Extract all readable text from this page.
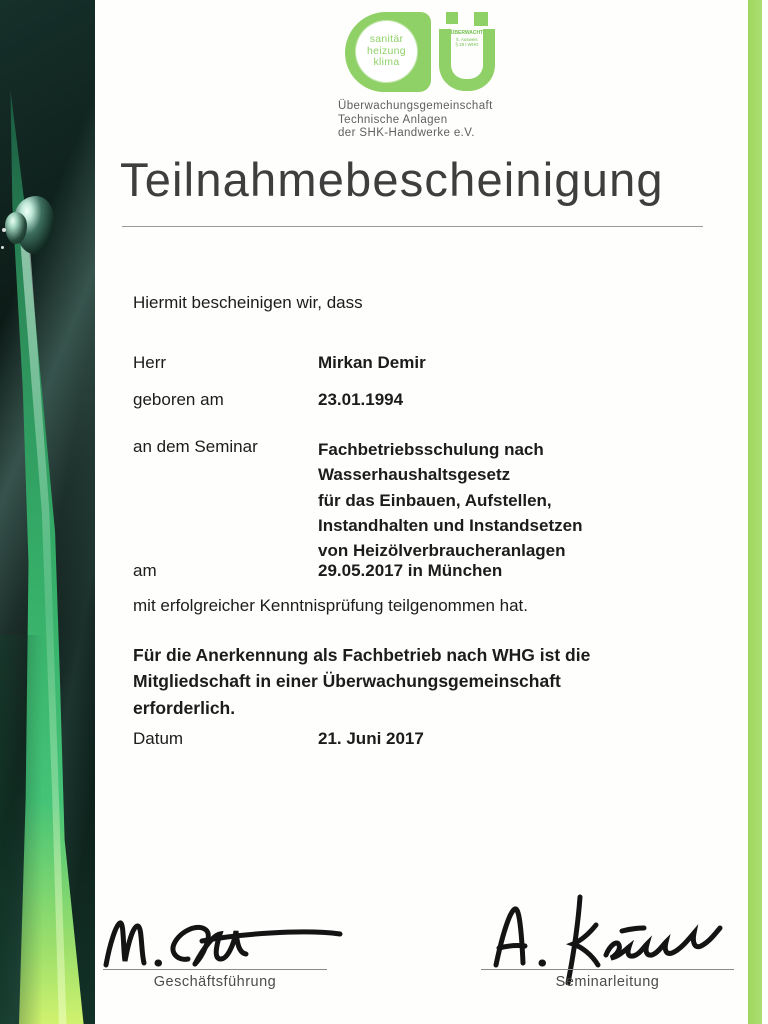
sanitär
heizung
klima
ÜBERWACHT
lt. Ausweis
§ 19 l WHG
Überwachungsgemeinschaft
Technische Anlagen
der SHK-Handwerke e.V.
Teilnahmebescheinigung
Hiermit bescheinigen wir, dass
Herr	Mirkan Demir
geboren am	23.01.1994
an dem Seminar	Fachbetriebsschulung nach
Wasserhaushaltsgesetz
für das Einbauen, Aufstellen,
Instandhalten und Instandsetzen
von Heizölverbraucheranlagen
am	29.05.2017 in München
mit erfolgreicher Kenntnisprüfung teilgenommen hat.
Für die Anerkennung als Fachbetrieb nach WHG ist die
Mitgliedschaft in einer Überwachungsgemeinschaft
erforderlich.
Datum	21. Juni 2017
Geschäftsführung	Seminarleitung
